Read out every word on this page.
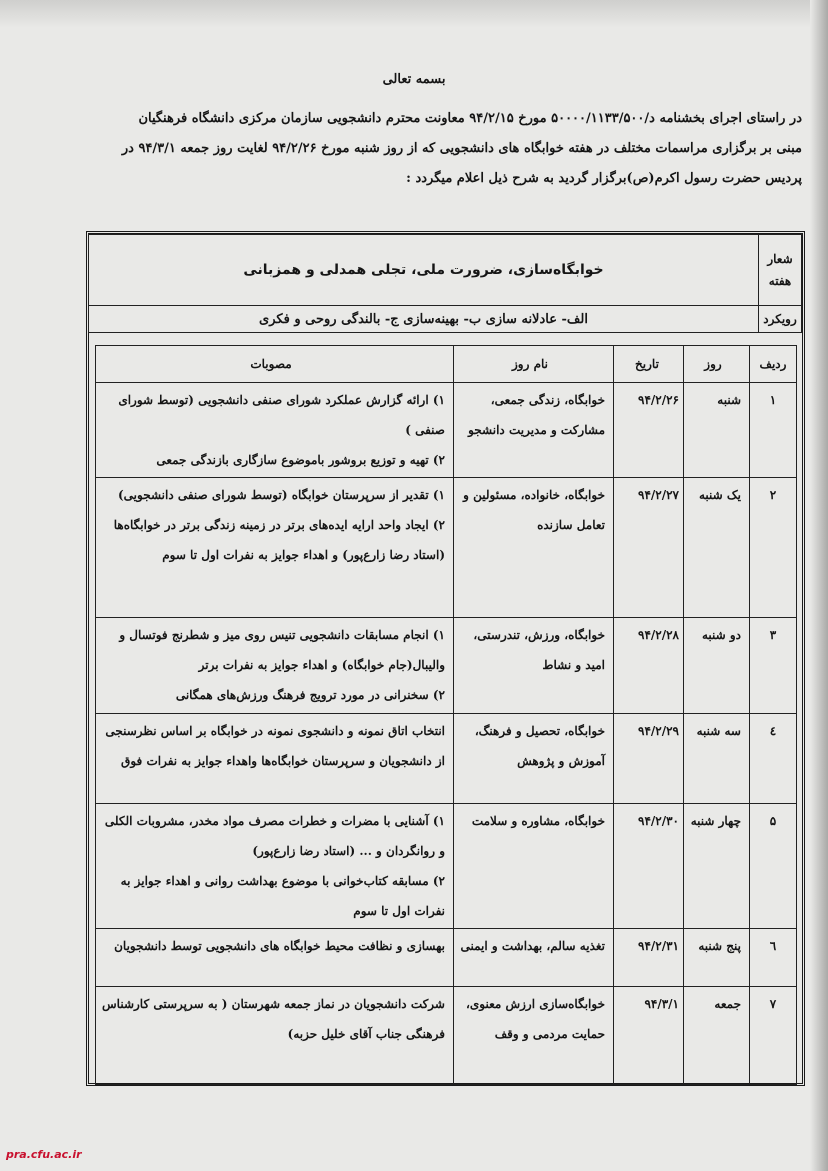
بسمه تعالی

در راستای اجرای بخشنامه د/۵۰۰۰۰/۱۱۳۳/۵۰۰ مورخ ۹۴/۲/۱۵ معاونت محترم دانشجویی سازمان مرکزی دانشگاه فرهنگیان

مبنی بر برگزاری مراسمات مختلف در هفته خوابگاه های دانشجویی که از روز شنبه مورخ ۹۴/۲/۲۶ لغایت روز جمعه ۹۴/۳/۱ در

پردیس حضرت رسول اکرم(ص)برگزار گردید به شرح ذیل اعلام میگردد :

شعار
هفته	خوابگاه‌سازی، ضرورت ملی، تجلی همدلی و همزبانی
رویکرد	الف- عادلانه سازی ب- بهینه‌سازی ج- بالندگی روحی و فکری
ردیف	روز	تاریخ	نام روز	مصوبات
۱	شنبه	۹۴/۲/۲۶	خوابگاه، زندگی جمعی، مشارکت و مدیریت دانشجو	۱) ارائه گزارش عملکرد شورای صنفی دانشجویی (توسط شورای صنفی )
۲) تهیه و توزیع بروشور باموضوع سازگاری بازندگی جمعی

۲	یک شنبه	۹۴/۲/۲۷	خوابگاه، خانواده، مسئولین و تعامل سازنده	۱) تقدیر از سرپرستان خوابگاه (توسط شورای صنفی دانشجویی)
۲) ایجاد واحد ارایه ایده‌های برتر در زمینه زندگی برتر در خوابگاه‌ها (استاد رضا زارع‌پور) و اهداء جوایز به نفرات اول تا سوم

۳	دو شنبه	۹۴/۲/۲۸	خوابگاه، ورزش، تندرستی، امید و نشاط	۱) انجام مسابقات دانشجویی تنیس روی میز و شطرنج فوتسال و والیبال(جام خوابگاه) و اهداء جوایز به نفرات برتر
۲) سخنرانی در مورد ترویج فرهنگ ورزش‌های همگانی

٤	سه شنبه	۹۴/۲/۲۹	خوابگاه، تحصیل و فرهنگ، آموزش و پژوهش	انتخاب اتاق نمونه و دانشجوی نمونه در خوابگاه بر اساس نظرسنجی از دانشجویان و سرپرستان خوابگاه‌ها واهداء جوایز به نفرات فوق

۵	چهار شنبه	۹۴/۲/۳۰	خوابگاه، مشاوره و سلامت	۱) آشنایی با مضرات و خطرات مصرف مواد مخدر، مشروبات الکلی و روانگردان و ... (استاد رضا زارع‌پور)
۲) مسابقه کتاب‌خوانی با موضوع بهداشت روانی و اهداء جوایز به نفرات اول تا سوم

٦	پنج شنبه	۹۴/۲/۳۱	تغذیه سالم، بهداشت و ایمنی	بهسازی و نظافت محیط خوابگاه های دانشجویی توسط دانشجویان

۷	جمعه	۹۴/۳/۱	خوابگاه‌سازی ارزش معنوی، حمایت مردمی و وقف	شرکت دانشجویان در نماز جمعه شهرستان ( به سرپرستی کارشناس فرهنگی جناب آقای خلیل حزبه)
pra.cfu.ac.ir
